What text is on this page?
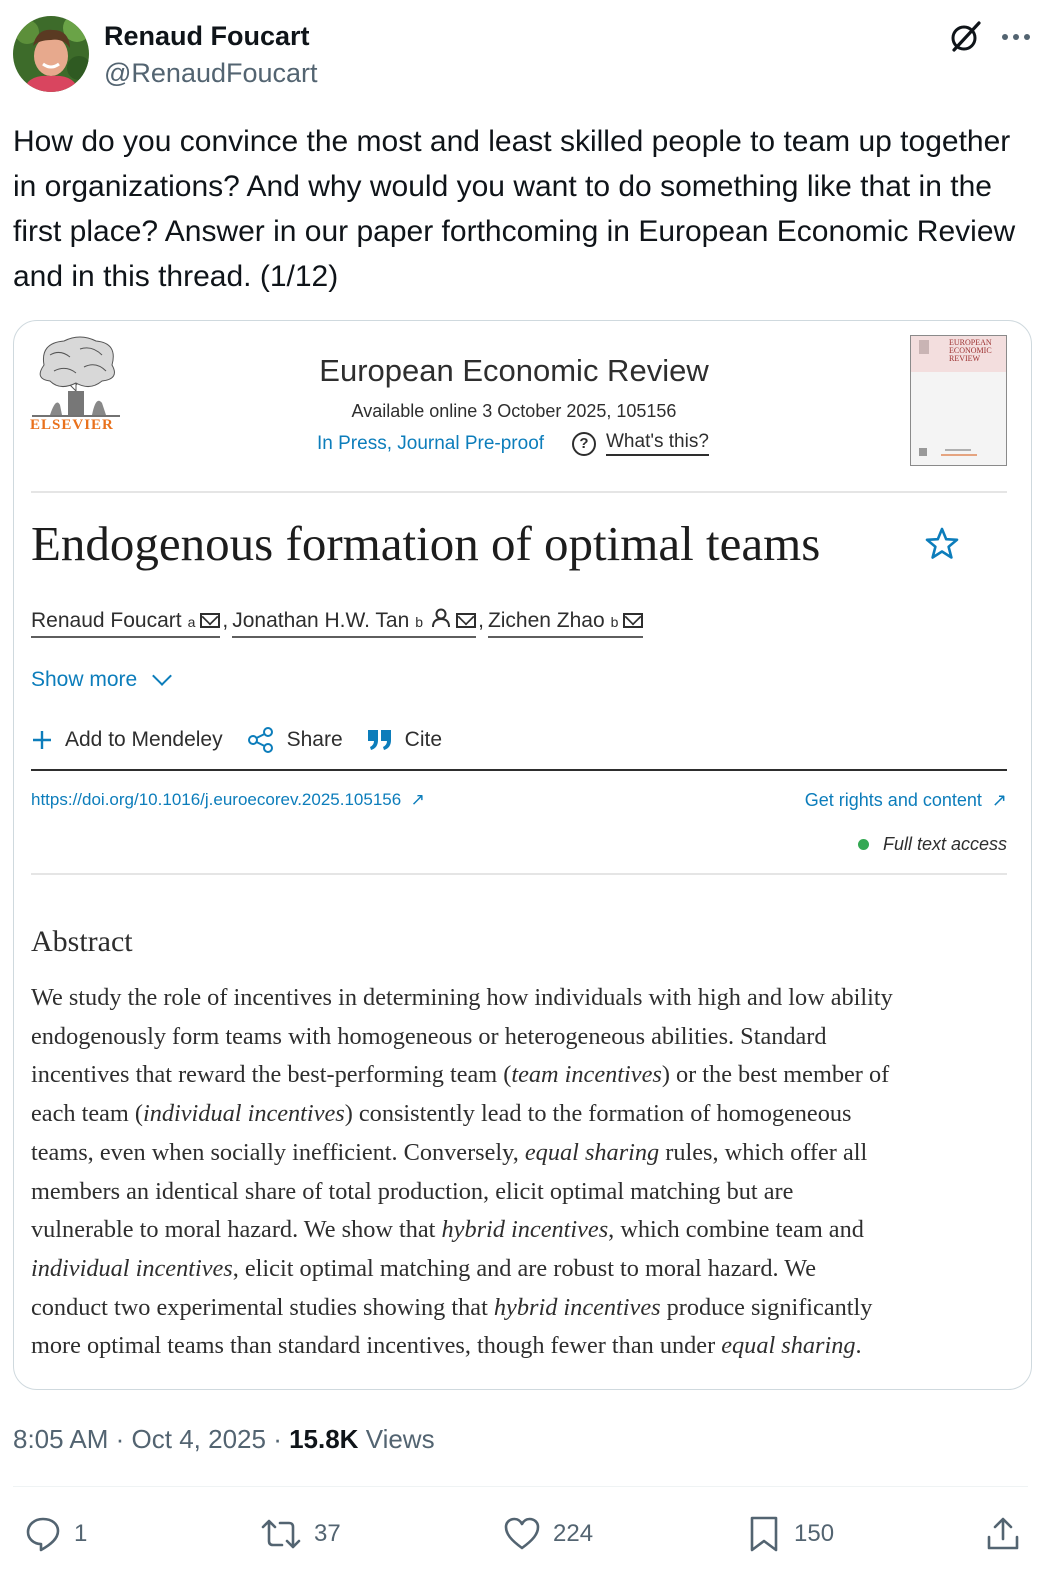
Renaud Foucart
@RenaudFoucart
How do you convince the most and least skilled people to team up together in organizations? And why would you want to do something like that in the first place? Answer in our paper forthcoming in European Economic Review and in this thread. (1/12)
ELSEVIER
European Economic Review
Available online 3 October 2025, 105156
In Press, Journal Pre-proof	? What's this?
EUROPEAN ECONOMIC REVIEW
Endogenous formation of optimal teams
Renaud Foucart a , Jonathan H.W. Tan b	, Zichen Zhao b
Show more
Add to Mendeley	Share	Cite
https://doi.org/10.1016/j.euroecorev.2025.105156  ↗	Get rights and content  ↗
Full text access
Abstract
We study the role of incentives in determining how individuals with high and low ability
endogenously form teams with homogeneous or heterogeneous abilities. Standard
incentives that reward the best-performing team (team incentives) or the best member of
each team (individual incentives) consistently lead to the formation of homogeneous
teams, even when socially inefficient. Conversely, equal sharing rules, which offer all
members an identical share of total production, elicit optimal matching but are
vulnerable to moral hazard. We show that hybrid incentives, which combine team and
individual incentives, elicit optimal matching and are robust to moral hazard. We
conduct two experimental studies showing that hybrid incentives produce significantly
more optimal teams than standard incentives, though fewer than under equal sharing.
8:05 AM · Oct 4, 2025 · 15.8K Views
1	37	224	150
